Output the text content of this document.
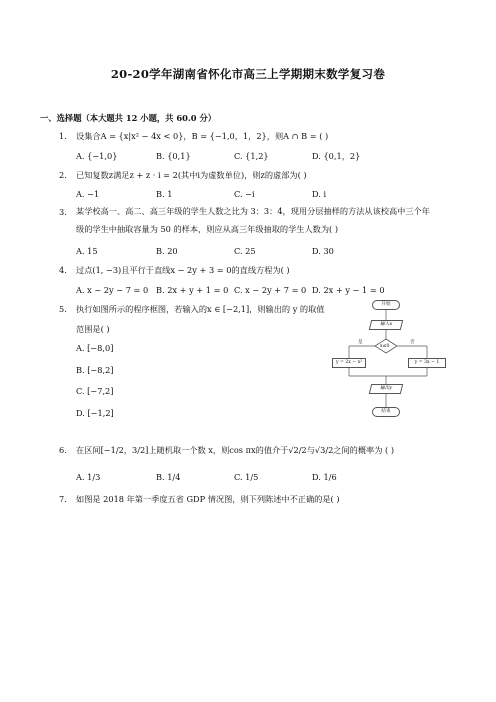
20-20学年湖南省怀化市高三上学期期末数学复习卷
一、选择题（本大题共 12 小题，共 60.0 分）
1. 设集合A = {x|x² − 4x < 0}，B = {−1,0，1，2}，则A ∩ B = ( )
A. {−1,0}	B. {0,1}	C. {1,2}	D. {0,1，2}
2. 已知复数z满足z + z · i = 2(其中i为虚数单位)，则z的虚部为( )
A. −1	B. 1	C. −i	D. i
3. 某学校高一、高二、高三年级的学生人数之比为 3：3：4，现用分层抽样的方法从该校高中三个年级的学生中抽取容量为 50 的样本，则应从高三年级抽取的学生人数为( )
A. 15	B. 20	C. 25	D. 30
4. 过点(1, −3)且平行于直线x − 2y + 3 = 0的直线方程为( )
A. x − 2y − 7 = 0 B. 2x + y + 1 = 0 C. x − 2y + 7 = 0 D. 2x + y − 1 = 0
5. 执行如图所示的程序框图，若输入的x ∈ [−2,1]，则输出的 y 的取值范围是( )
A. [−8,0]
B. [−8,2]
C. [−7,2]
D. [−1,2]
开始
输入x
x≤0
是	否
y = 2x − x²	y = 3x − 1
输出y
结束
6. 在区间[−1/2，3/2]上随机取一个数 x，则cos πx的值介于√2/2与√3/2之间的概率为 ( )
A. 1/3	B. 1/4	C. 1/5	D. 1/6
7. 如图是 2018 年第一季度五省 GDP 情况图，则下列陈述中不正确的是( )
